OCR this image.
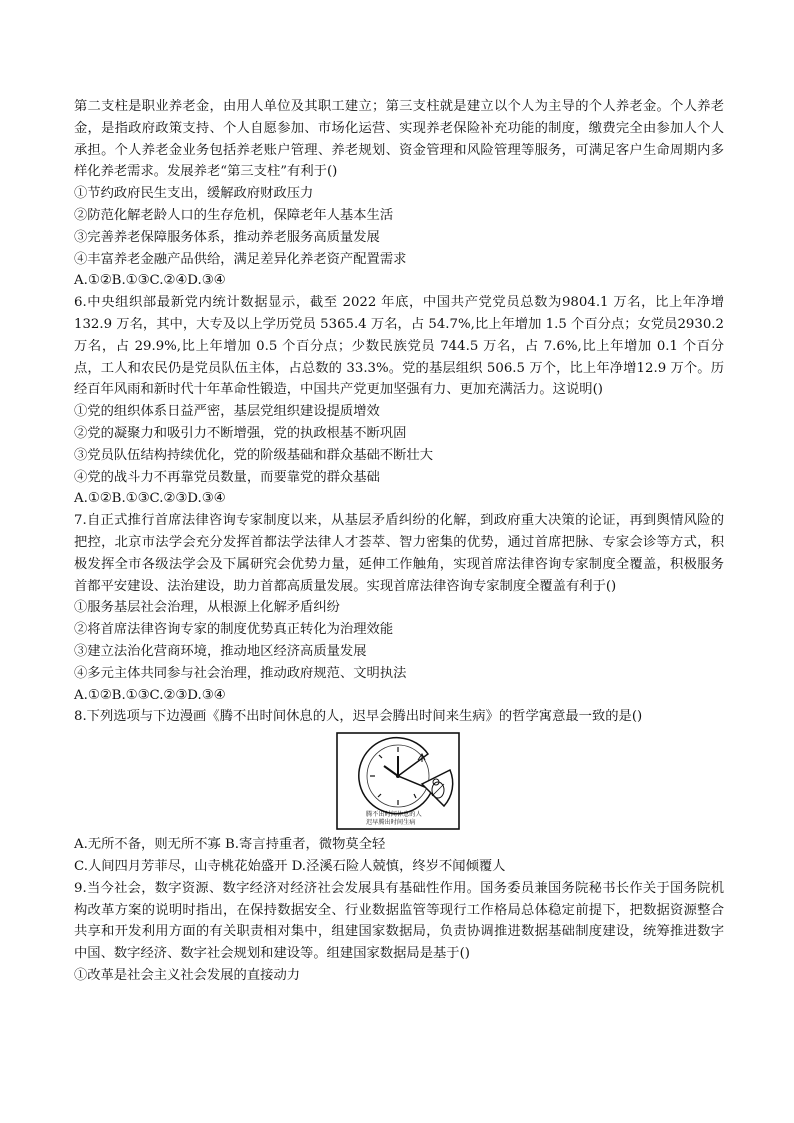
第二支柱是职业养老金，由用人单位及其职工建立；第三支柱就是建立以个人为主导的个人养老金。个人养老金，是指政府政策支持、个人自愿参加、市场化运营、实现养老保险补充功能的制度，缴费完全由参加人个人承担。个人养老金业务包括养老账户管理、养老规划、资金管理和风险管理等服务，可满足客户生命周期内多样化养老需求。发展养老“第三支柱”有利于()

①节约政府民生支出，缓解政府财政压力

②防范化解老龄人口的生存危机，保障老年人基本生活

③完善养老保障服务体系，推动养老服务高质量发展

④丰富养老金融产品供给，满足差异化养老资产配置需求

A.①②B.①③C.②④D.③④

6.中央组织部最新党内统计数据显示，截至 2022 年底，中国共产党党员总数为9804.1 万名，比上年净增 132.9 万名，其中，大专及以上学历党员 5365.4 万名，占 54.7%,比上年增加 1.5 个百分点；女党员2930.2 万名，占 29.9%,比上年增加 0.5 个百分点；少数民族党员 744.5 万名，占 7.6%,比上年增加 0.1 个百分点，工人和农民仍是党员队伍主体，占总数的 33.3%。党的基层组织 506.5 万个，比上年净增12.9 万个。历经百年风雨和新时代十年革命性锻造，中国共产党更加坚强有力、更加充满活力。这说明()

①党的组织体系日益严密，基层党组织建设提质增效

②党的凝聚力和吸引力不断增强，党的执政根基不断巩固

③党员队伍结构持续优化，党的阶级基础和群众基础不断壮大

④党的战斗力不再靠党员数量，而要靠党的群众基础

A.①②B.①③C.②③D.③④

7.自正式推行首席法律咨询专家制度以来，从基层矛盾纠纷的化解，到政府重大决策的论证，再到舆情风险的把控，北京市法学会充分发挥首都法学法律人才荟萃、智力密集的优势，通过首席把脉、专家会诊等方式，积极发挥全市各级法学会及下属研究会优势力量，延伸工作触角，实现首席法律咨询专家制度全覆盖，积极服务首都平安建设、法治建设，助力首都高质量发展。实现首席法律咨询专家制度全覆盖有利于()

①服务基层社会治理，从根源上化解矛盾纠纷

②将首席法律咨询专家的制度优势真正转化为治理效能

③建立法治化营商环境，推动地区经济高质量发展

④多元主体共同参与社会治理，推动政府规范、文明执法

A.①②B.①③C.②③D.③④

8.下列选项与下边漫画《腾不出时间休息的人，迟早会腾出时间来生病》的哲学寓意最一致的是()

腾不出时间休息的人
迟早腾出时间生病

A.无所不备，则无所不寡 B.寄言持重者，微物莫全轻

C.人间四月芳菲尽，山寺桃花始盛开 D.泾溪石险人兢慎，终岁不闻倾覆人

9.当今社会，数字资源、数字经济对经济社会发展具有基础性作用。国务委员兼国务院秘书长作关于国务院机构改革方案的说明时指出，在保持数据安全、行业数据监管等现行工作格局总体稳定前提下，把数据资源整合共享和开发利用方面的有关职责相对集中，组建国家数据局，负责协调推进数据基础制度建设，统筹推进数字中国、数字经济、数字社会规划和建设等。组建国家数据局是基于()

①改革是社会主义社会发展的直接动力
